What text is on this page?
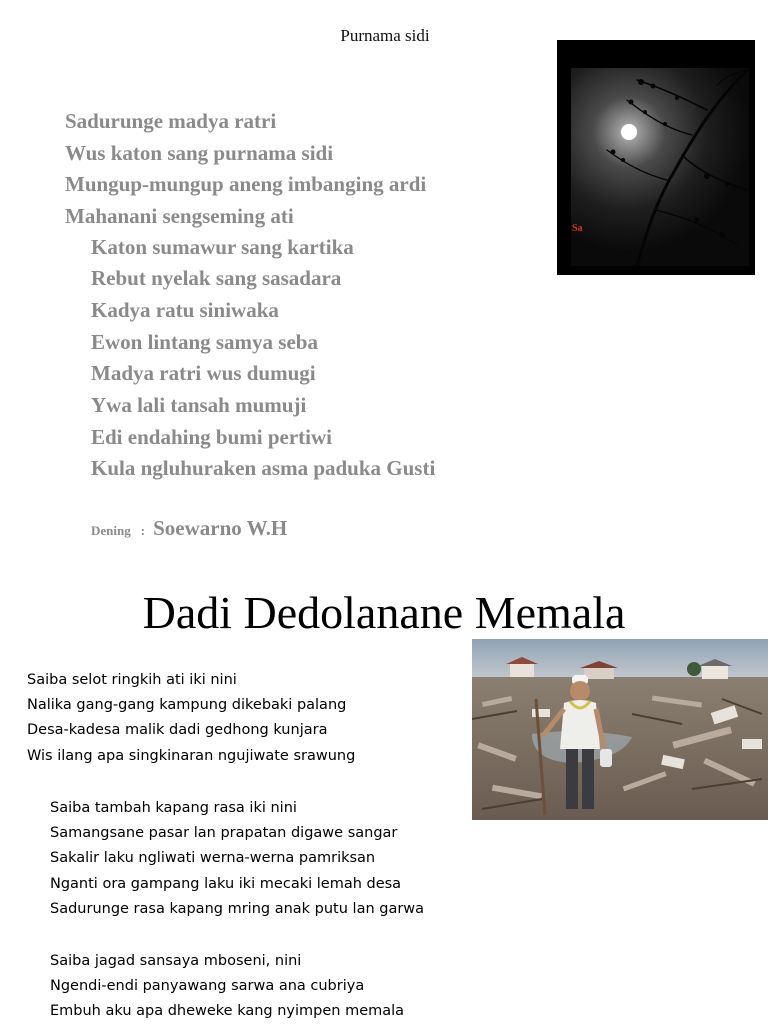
Purnama sidi
Sadurunge madya ratri
Wus katon sang purnama sidi
Mungup-mungup aneng imbanging ardi
Mahanani sengseming ati
Katon sumawur sang kartika
Rebut nyelak sang sasadara
Kadya ratu siniwaka
Ewon lintang samya seba
Madya ratri wus dumugi
Ywa lali tansah mumuji
Edi endahing bumi pertiwi
Kula ngluhuraken asma paduka Gusti
Dening : Soewarno W.H
Sa
Dadi Dedolanane Memala
Saiba selot ringkih ati iki nini
Nalika gang-gang kampung dikebaki palang
Desa-kadesa malik dadi gedhong kunjara
Wis ilang apa singkinaran ngujiwate srawung
Saiba tambah kapang rasa iki nini
Samangsane pasar lan prapatan digawe sangar
Sakalir laku ngliwati werna-werna pamriksan
Nganti ora gampang laku iki mecaki lemah desa
Sadurunge rasa kapang mring anak putu lan garwa
Saiba jagad sansaya mboseni, nini
Ngendi-endi panyawang sarwa ana cubriya
Embuh aku apa dheweke kang nyimpen memala
